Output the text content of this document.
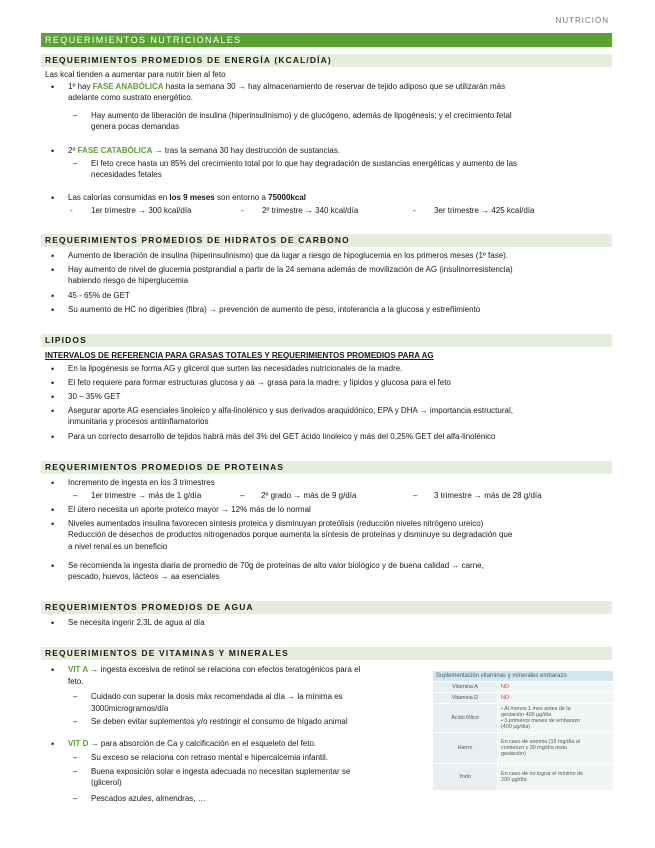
NUTRICIÓN
REQUERIMIENTOS NUTRICIONALES
REQUERIMIENTOS PROMEDIOS DE ENERGÍA (KCAL/DÍA)
Las kcal tienden a aumentar para nutrir bien al feto
• 1º hay FASE ANABÓLICA hasta la semana 30 → hay almacenamiento de reservar de tejido adiposo que se utilizarán más
adelante como sustrato energético.
– Hay aumento de liberación de insulina (hiperinsulinismo) y de glucógeno, además de lipogénesis; y el crecimiento fetal
genera pocas demandas
• 2º FASE CATABÓLICA → tras la semana 30 hay destrucción de sustancias.
– El feto crece hasta un 85% del crecimiento total por lo que hay degradación de sustancias energéticas y aumento de las
necesidades fetales
• Las calorías consumidas en los 9 meses son entorno a 75000kcal
- 1er trimestre → 300 kcal/día	- 2º trimestre → 340 kcal/día	- 3er trimestre → 425 kcal/día
REQUERIMIENTOS PROMEDIOS DE HIDRATOS DE CARBONO
• Aumento de liberación de insulina (hiperinsulinismo) que da lugar a riesgo de hipoglucemia en los primeros meses (1º fase).
• Hay aumento de nivel de glucemia postprandial a partir de la 24 semana además de movilización de AG (insulinorresistencia)
habiendo riesgo de hiperglucemia
• 45 - 65% de GET
• Su aumento de HC no digeribles (fibra) → prevención de aumento de peso, intolerancia a la glucosa y estreñimiento
LIPIDOS
INTERVALOS DE REFERENCIA PARA GRASAS TOTALES Y REQUERIMIENTOS PROMEDIOS PARA AG
• En la lipogénesis se forma AG y glicerol que surten las necesidades nutricionales de la madre.
• El feto requiere para formar estructuras glucosa y aa → grasa para la madre; y lípidos y glucosa para el feto
• 30 – 35% GET
• Asegurar aporte AG esenciales linoleico y alfa-linolénico y sus derivados araquidónico, EPA y DHA → importancia estructural,
inmunitaria y procesos antiinflamatorios
• Para un correcto desarrollo de tejidos habrá más del 3% del GET ácido linoleico y más del 0,25% GET del alfa-linolénico
REQUERIMIENTOS PROMEDIOS DE PROTEINAS
• Incremento de ingesta en los 3 trimestres
– 1er trimestre → más de 1 g/día	– 2º grado → más de 9 g/día	– 3 trimestre → más de 28 g/día
• El útero necesita un aporte proteico mayor → 12% más de lo normal
• Niveles aumentados insulina favorecen síntesis proteica y disminuyan proteólisis (reducción niveles nitrógeno ureico)
Reducción de desechos de productos nitrogenados porque aumenta la síntesis de proteínas y disminuye su degradación que
a nivel renal es un beneficio
• Se recomienda la ingesta diaria de promedio de 70g de proteínas de alto valor biológico y de buena calidad → carne,
pescado, huevos, lácteos → aa esenciales
REQUERIMIENTOS PROMEDIOS DE AGUA
• Se necesita ingerir 2,3L de agua al día
REQUERIMIENTOS DE VITAMINAS Y MINERALES
• VIT A → ingesta excesiva de retinol se relaciona con efectos teratogénicos para el
feto.
– Cuidado con superar la dosis máx recomendada al día → la mínima es
3000microgramos/día
– Se deben evitar suplementos y/o restringir el consumo de hígado animal
• VIT D → para absorción de Ca y calcificación en el esqueleto del feto.
– Su exceso se relaciona con retraso mental e hipercalcemia infantil.
– Buena exposición solar e ingesta adecuada no necesitan suplementar se
(glicerol)
– Pescados azules, almendras, …
Suplementación vitaminas y minerales embarazo	
Vitamina A	NO
Vitamina D	NO
Ácido fólico	• Al menos 1 mes antes de la
gestación 400 µg/día
• 3 primeros meses de embarazo
(400 µg/día)

Hierro	En caso de anemia (15 mg/día al
comienzo y 30 mg/día resto
gestación)

Yodo	En caso de no lograr el mínimo de
200 µg/día
